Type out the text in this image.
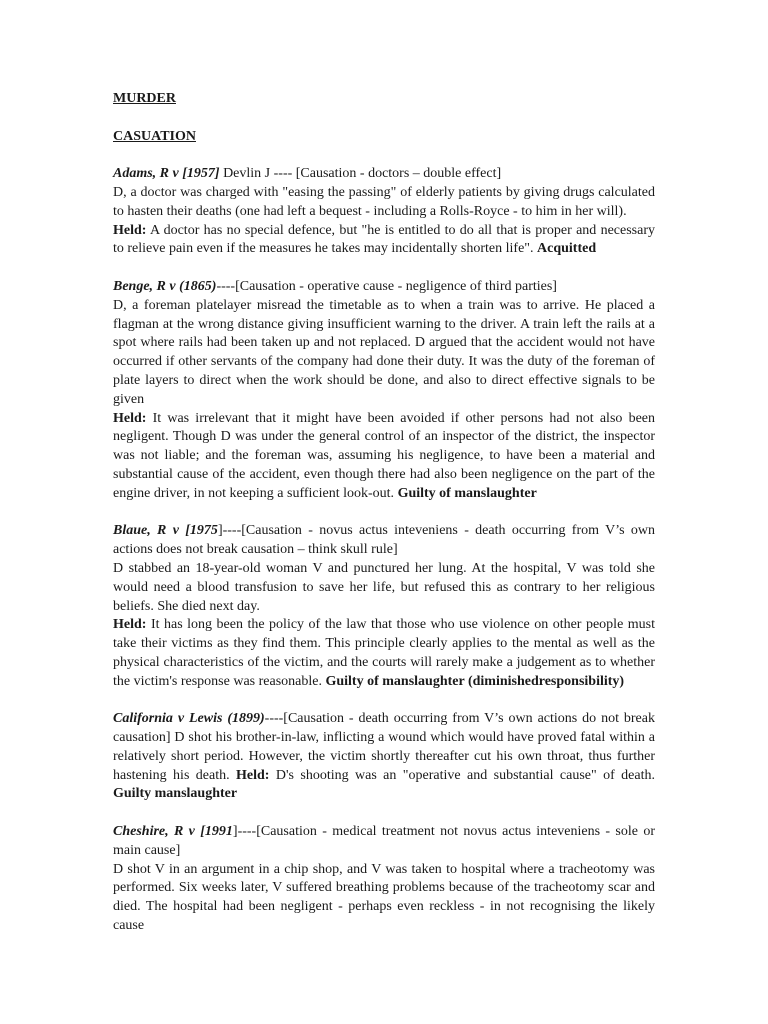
MURDER
CASUATION

Adams, R v [1957] Devlin J ---- [Causation - doctors – double effect]

D, a doctor was charged with "easing the passing" of elderly patients by giving drugs calculated to hasten their deaths (one had left a bequest - including a Rolls-Royce - to him in her will).

Held: A doctor has no special defence, but "he is entitled to do all that is proper and necessary to relieve pain even if the measures he takes may incidentally shorten life". Acquitted

Benge, R v (1865)----[Causation - operative cause - negligence of third parties]

D, a foreman platelayer misread the timetable as to when a train was to arrive. He placed a flagman at the wrong distance giving insufficient warning to the driver. A train left the rails at a spot where rails had been taken up and not replaced. D argued that the accident would not have occurred if other servants of the company had done their duty. It was the duty of the foreman of plate layers to direct when the work should be done, and also to direct effective signals to be given

Held: It was irrelevant that it might have been avoided if other persons had not also been negligent. Though D was under the general control of an inspector of the district, the inspector was not liable; and the foreman was, assuming his negligence, to have been a material and substantial cause of the accident, even though there had also been negligence on the part of the engine driver, in not keeping a sufficient look-out. Guilty of manslaughter

Blaue, R v [1975]----[Causation - novus actus inteveniens - death occurring from V’s own actions does not break causation – think skull rule]

D stabbed an 18-year-old woman V and punctured her lung. At the hospital, V was told she would need a blood transfusion to save her life, but refused this as contrary to her religious beliefs. She died next day.

Held: It has long been the policy of the law that those who use violence on other people must take their victims as they find them. This principle clearly applies to the mental as well as the physical characteristics of the victim, and the courts will rarely make a judgement as to whether the victim's response was reasonable. Guilty of manslaughter (diminishedresponsibility)

California v Lewis (1899)----[Causation - death occurring from V’s own actions do not break causation] D shot his brother-in-law, inflicting a wound which would have proved fatal within a relatively short period. However, the victim shortly thereafter cut his own throat, thus further hastening his death. Held: D's shooting was an "operative and substantial cause" of death. Guilty manslaughter

Cheshire, R v [1991]----[Causation - medical treatment not novus actus inteveniens - sole or main cause]

D shot V in an argument in a chip shop, and V was taken to hospital where a tracheotomy was performed. Six weeks later, V suffered breathing problems because of the tracheotomy scar and died. The hospital had been negligent - perhaps even reckless - in not recognising the likely cause
